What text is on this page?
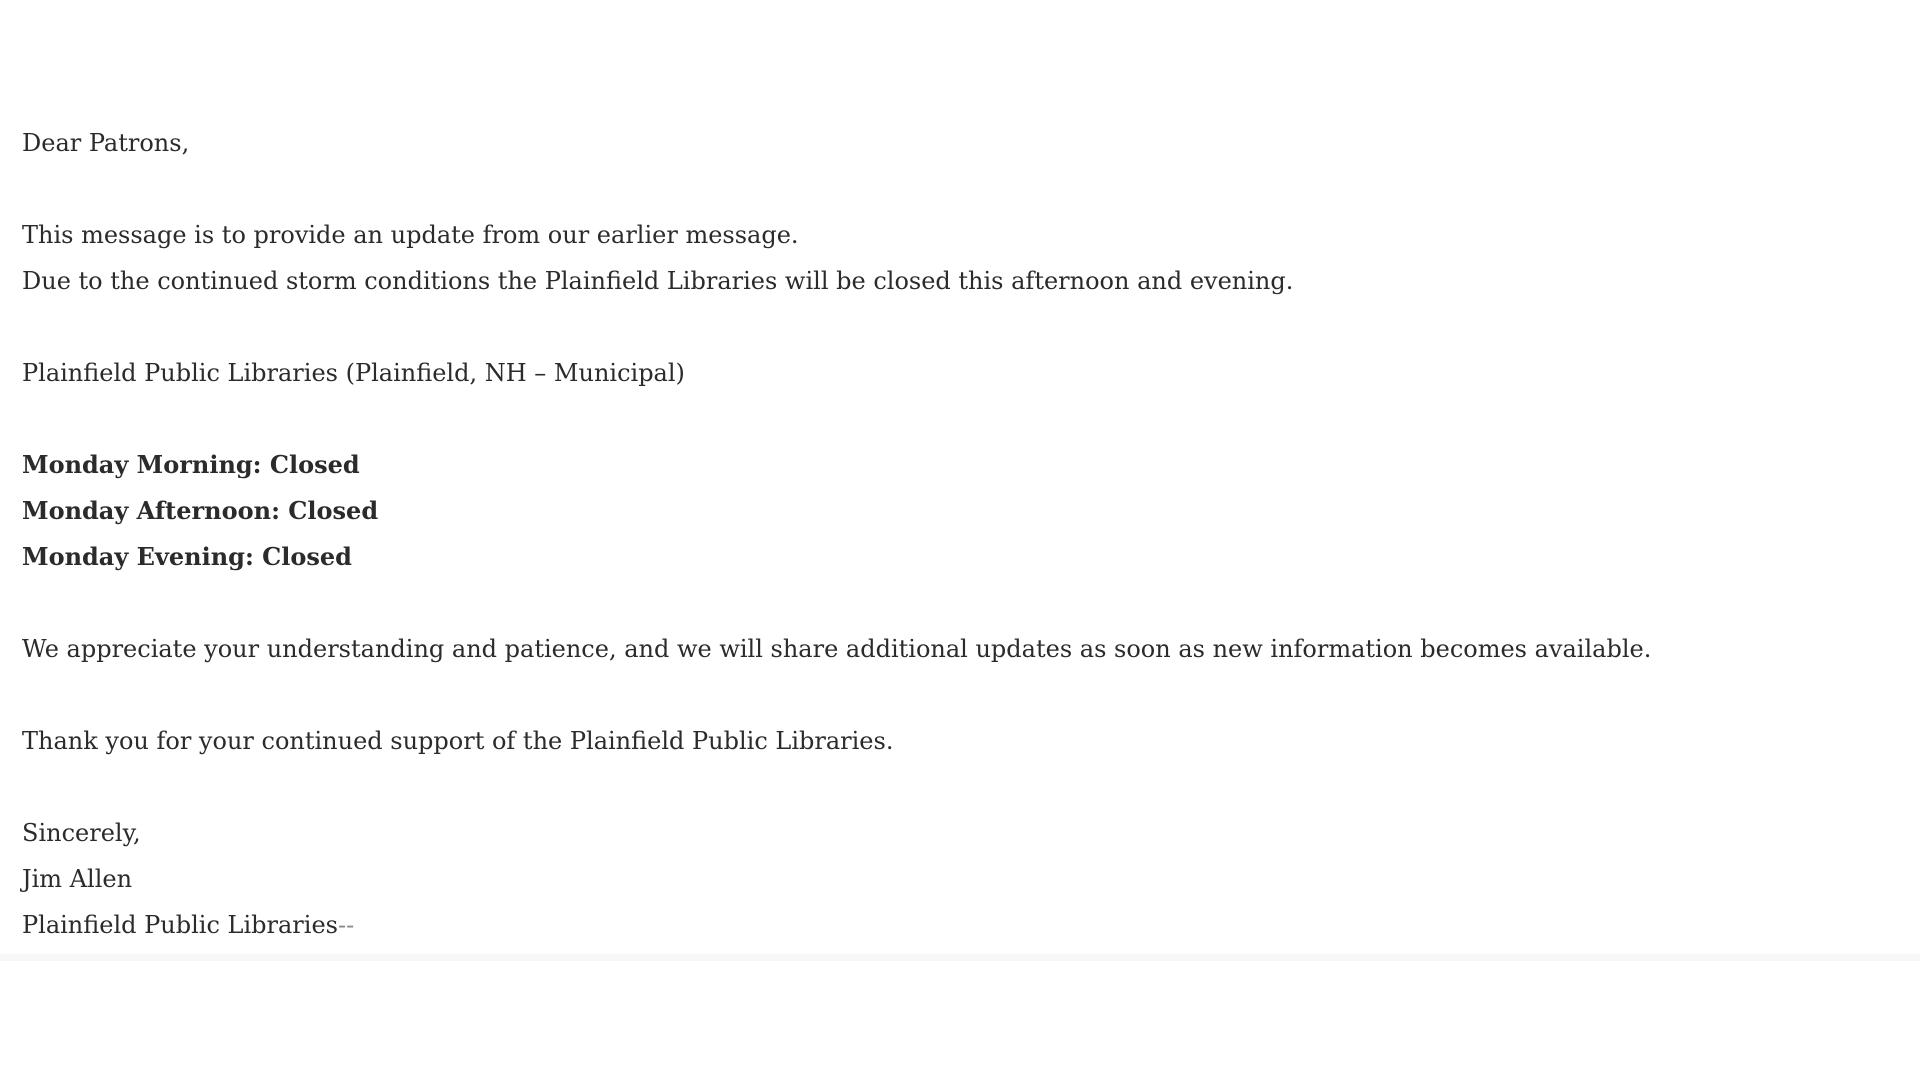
Dear Patrons,

This message is to provide an update from our earlier message.
Due to the continued storm conditions the Plainfield Libraries will be closed this afternoon and evening.

Plainfield Public Libraries (Plainfield, NH – Municipal)

Monday Morning: Closed
Monday Afternoon: Closed
Monday Evening: Closed

We appreciate your understanding and patience, and we will share additional updates as soon as new information becomes available.

Thank you for your continued support of the Plainfield Public Libraries.

Sincerely,
Jim Allen
Plainfield Public Libraries--
